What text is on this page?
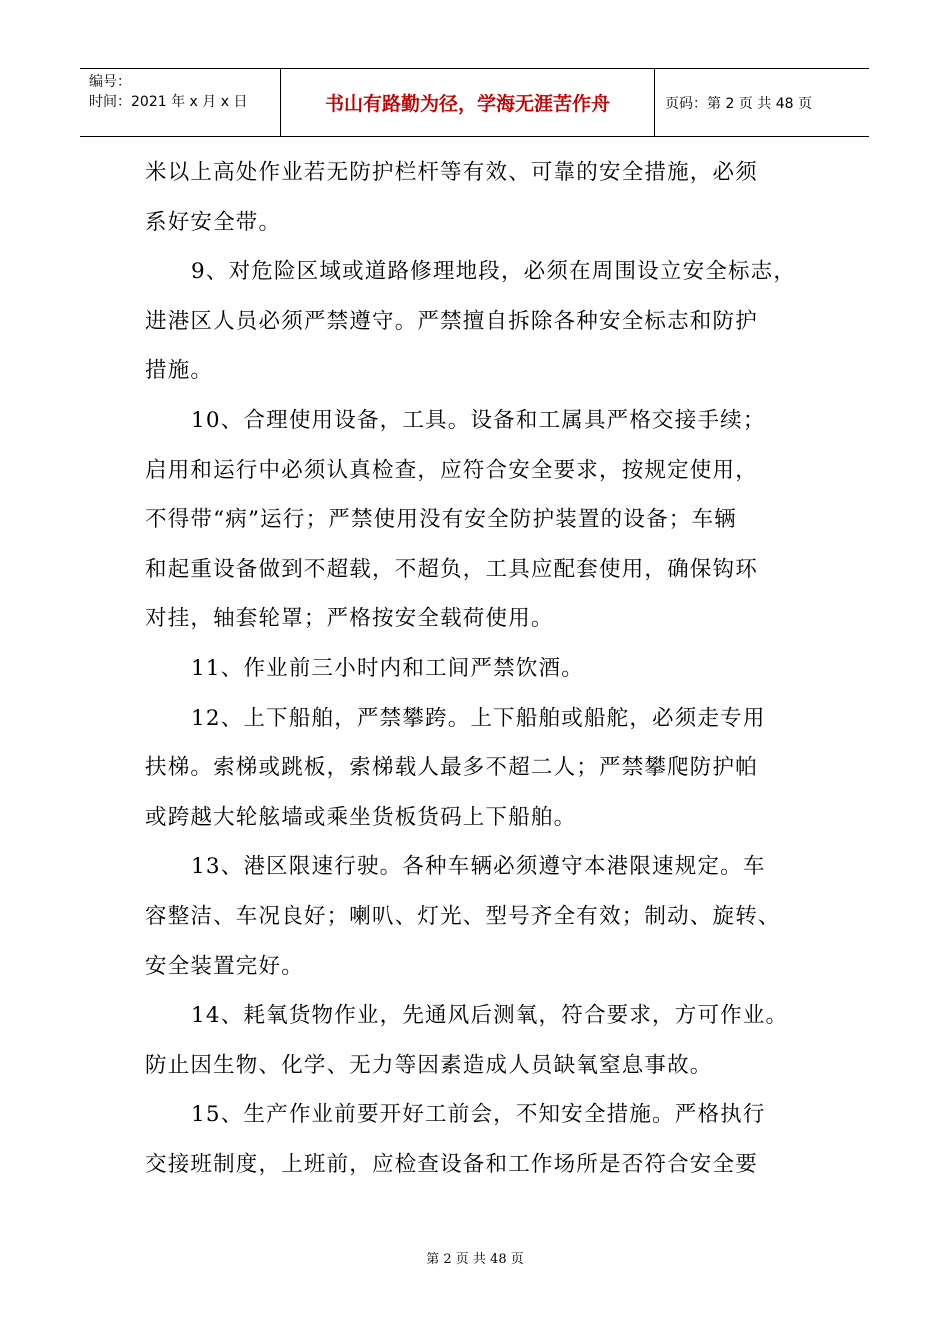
编号：
时间：2021 年 x 月 x 日	书山有路勤为径，学海无涯苦作舟	页码：第 2 页 共 48 页
米以上高处作业若无防护栏杆等有效、可靠的安全措施，必须
系好安全带。
9、对危险区域或道路修理地段，必须在周围设立安全标志，
进港区人员必须严禁遵守。严禁擅自拆除各种安全标志和防护
措施。
10、合理使用设备，工具。设备和工属具严格交接手续；
启用和运行中必须认真检查，应符合安全要求，按规定使用，
不得带“病”运行；严禁使用没有安全防护装置的设备；车辆
和起重设备做到不超载，不超负，工具应配套使用，确保钩环
对挂，轴套轮罩；严格按安全载荷使用。
11、作业前三小时内和工间严禁饮酒。
12、上下船舶，严禁攀跨。上下船舶或船舵，必须走专用
扶梯。索梯或跳板，索梯载人最多不超二人；严禁攀爬防护帕
或跨越大轮舷墙或乘坐货板货码上下船舶。
13、港区限速行驶。各种车辆必须遵守本港限速规定。车
容整洁、车况良好；喇叭、灯光、型号齐全有效；制动、旋转、
安全装置完好。
14、耗氧货物作业，先通风后测氧，符合要求，方可作业。
防止因生物、化学、无力等因素造成人员缺氧窒息事故。
15、生产作业前要开好工前会，不知安全措施。严格执行
交接班制度，上班前，应检查设备和工作场所是否符合安全要
第 2 页 共 48 页
